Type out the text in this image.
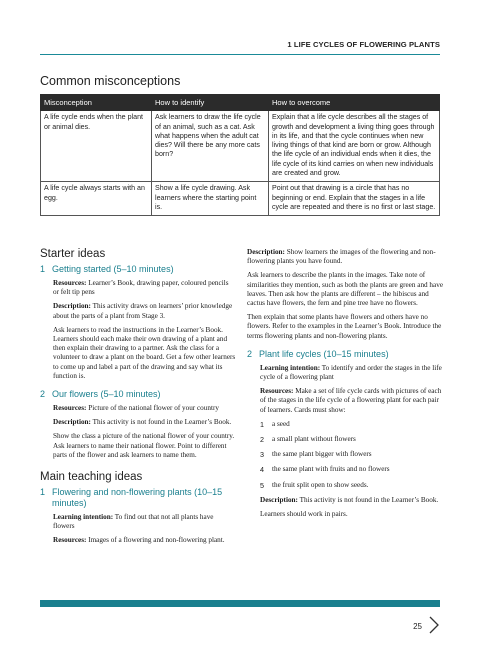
1 LIFE CYCLES OF FLOWERING PLANTS
Common misconceptions
Misconception	How to identify	How to overcome
A life cycle ends when the plant or animal dies.	Ask learners to draw the life cycle of an animal, such as a cat. Ask what happens when the adult cat dies? Will there be any more cats born?	Explain that a life cycle describes all the stages of growth and development a living thing goes through in its life, and that the cycle continues when new living things of that kind are born or grow. Although the life cycle of an individual ends when it dies, the life cycle of its kind carries on when new individuals are created and grow.
A life cycle always starts with an egg.	Show a life cycle drawing. Ask learners where the starting point is.	Point out that drawing is a circle that has no beginning or end. Explain that the stages in a life cycle are repeated and there is no first or last stage.
Starter ideas
1 Getting started (5–10 minutes)
Resources: Learner’s Book, drawing paper, coloured pencils or felt tip pens
Description: This activity draws on learners’ prior knowledge about the parts of a plant from Stage 3.
Ask learners to read the instructions in the Learner’s Book. Learners should each make their own drawing of a plant and then explain their drawing to a partner. Ask the class for a volunteer to draw a plant on the board. Get a few other learners to come up and label a part of the drawing and say what its function is.
2 Our flowers (5–10 minutes)
Resources: Picture of the national flower of your country
Description: This activity is not found in the Learner’s Book.
Show the class a picture of the national flower of your country. Ask learners to name their national flower. Point to different parts of the flower and ask learners to name them.
Main teaching ideas
1 Flowering and non-flowering plants (10–15 minutes)
Learning intention: To find out that not all plants have flowers
Resources: Images of a flowering and non-flowering plant.
Description: Show learners the images of the flowering and non-flowering plants you have found.
Ask learners to describe the plants in the images. Take note of similarities they mention, such as both the plants are green and have leaves. Then ask how the plants are different – the hibiscus and cactus have flowers, the fern and pine tree have no flowers.
Then explain that some plants have flowers and others have no flowers. Refer to the examples in the Learner’s Book. Introduce the terms flowering plants and non-flowering plants.
2 Plant life cycles (10–15 minutes)
Learning intention: To identify and order the stages in the life cycle of a flowering plant
Resources: Make a set of life cycle cards with pictures of each of the stages in the life cycle of a flowering plant for each pair of learners. Cards must show:
1	a seed
2	a small plant without flowers
3	the same plant bigger with flowers
4	the same plant with fruits and no flowers
5	the fruit split open to show seeds.
Description: This activity is not found in the Learner’s Book.
Learners should work in pairs.
25
